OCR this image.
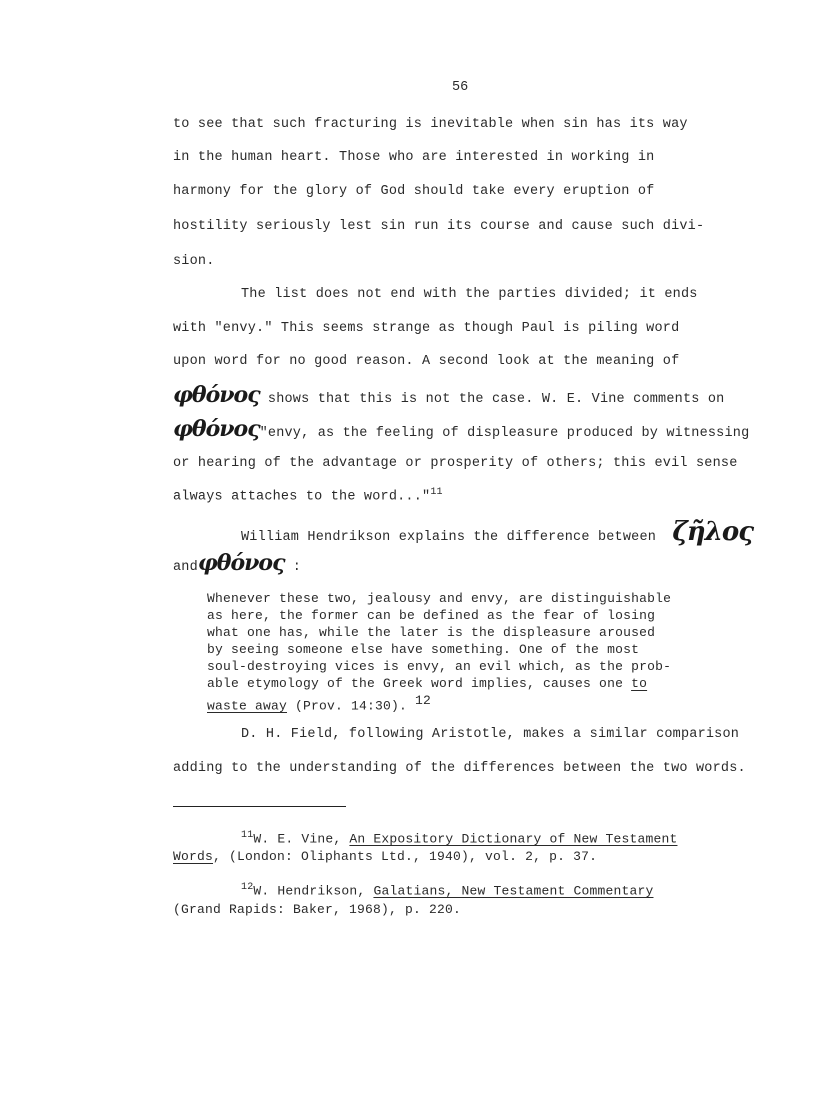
56
to see that such fracturing is inevitable when sin has its way
in the human heart. Those who are interested in working in
harmony for the glory of God should take every eruption of
hostility seriously lest sin run its course and cause such divi-
sion.
The list does not end with the parties divided; it ends
with "envy." This seems strange as though Paul is piling word
upon word for no good reason. A second look at the meaning of
φθόνος shows that this is not the case. W. E. Vine comments on
φθόνος"envy, as the feeling of displeasure produced by witnessing
or hearing of the advantage or prosperity of others; this evil sense
always attaches to the word..."$^{11}$
William Hendrikson explains the difference between ζῆλος
andφθόνος :
Whenever these two, jealousy and envy, are distinguishable
as here, the former can be defined as the fear of losing
what one has, while the later is the displeasure aroused
by seeing someone else have something. One of the most
soul-destroying vices is envy, an evil which, as the prob-
able etymology of the Greek word implies, causes one to
waste away (Prov. 14:30). $^{12}$
D. H. Field, following Aristotle, makes a similar comparison
adding to the understanding of the differences between the two words.
$^{11}$W. E. Vine, An Expository Dictionary of New Testament
Words, (London: Oliphants Ltd., 1940), vol. 2, p. 37.
$^{12}$W. Hendrikson, Galatians, New Testament Commentary
(Grand Rapids: Baker, 1968), p. 220.
